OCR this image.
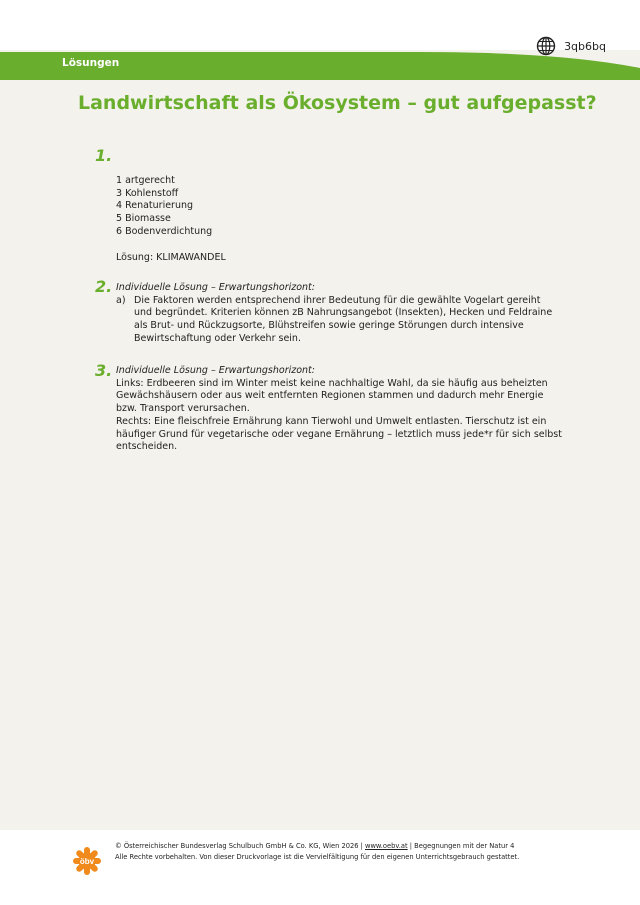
3qb6bq
Lösungen
Landwirtschaft als Ökosystem – gut aufgepasst?
1.
1 artgerecht
3 Kohlenstoff
4 Renaturierung
5 Biomasse
6 Bodenverdichtung
Lösung: KLIMAWANDEL
2. Individuelle Lösung – Erwartungshorizont:
a) Die Faktoren werden entsprechend ihrer Bedeutung für die gewählte Vogelart gereiht und begründet. Kriterien können zB Nahrungsangebot (Insekten), Hecken und Feldraine als Brut- und Rückzugsorte, Blühstreifen sowie geringe Störungen durch intensive Bewirtschaftung oder Verkehr sein.
3. Individuelle Lösung – Erwartungshorizont:
Links: Erdbeeren sind im Winter meist keine nachhaltige Wahl, da sie häufig aus beheizten Gewächshäusern oder aus weit entfernten Regionen stammen und dadurch mehr Energie bzw. Transport verursachen.
Rechts: Eine fleischfreie Ernährung kann Tierwohl und Umwelt entlasten. Tierschutz ist ein häufiger Grund für vegetarische oder vegane Ernährung – letztlich muss jede*r für sich selbst entscheiden.
öbv
© Österreichischer Bundesverlag Schulbuch GmbH & Co. KG, Wien 2026 | www.oebv.at | Begegnungen mit der Natur 4
Alle Rechte vorbehalten. Von dieser Druckvorlage ist die Vervielfältigung für den eigenen Unterrichtsgebrauch gestattet.
